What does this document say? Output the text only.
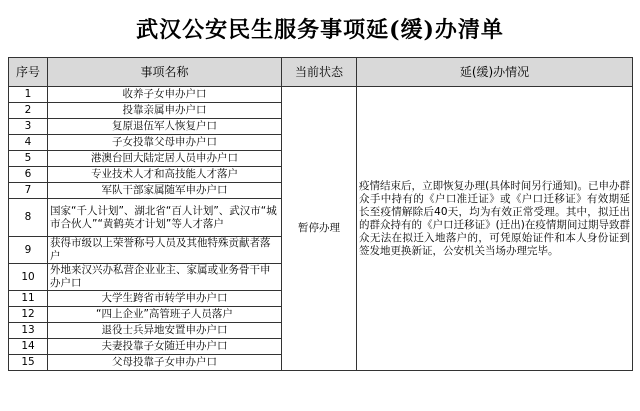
武汉公安民生服务事项延(缓)办清单
序号	事项名称	当前状态	延(缓)办情况
1	收养子女申办户口	暂停办理	疫情结束后，立即恢复办理(具体时间另行通知)。已申办群众手中持有的《户口准迁证》或《户口迁移证》有效期延长至疫情解除后40天，均为有效正常受理。其中，拟迁出的群众持有的《户口迁移证》(迁出)在疫情期间过期导致群众无法在拟迁入地落户的，可凭原始证件和本人身份证到签发地更换新证，公安机关当场办理完毕。

2	投靠亲属申办户口		
3	复原退伍军人恢复户口		
4	子女投靠父母申办户口		
5	港澳台回大陆定居人员申办户口		
6	专业技术人才和高技能人才落户		
7	军队干部家属随军申办户口		
8	国家“千人计划”、湖北省“百人计划”、武汉市“城市合伙人”“黄鹤英才计划”等人才落户		
9	获得市级以上荣誉称号人员及其他特殊贡献者落户		
10	外地来汉兴办私营企业业主、家属或业务骨干申办户口		
11	大学生跨省市转学申办户口		
12	“四上企业”高管班子人员落户		
13	退役士兵异地安置申办户口		
14	夫妻投靠子女随迁申办户口		
15	父母投靠子女申办户口		
